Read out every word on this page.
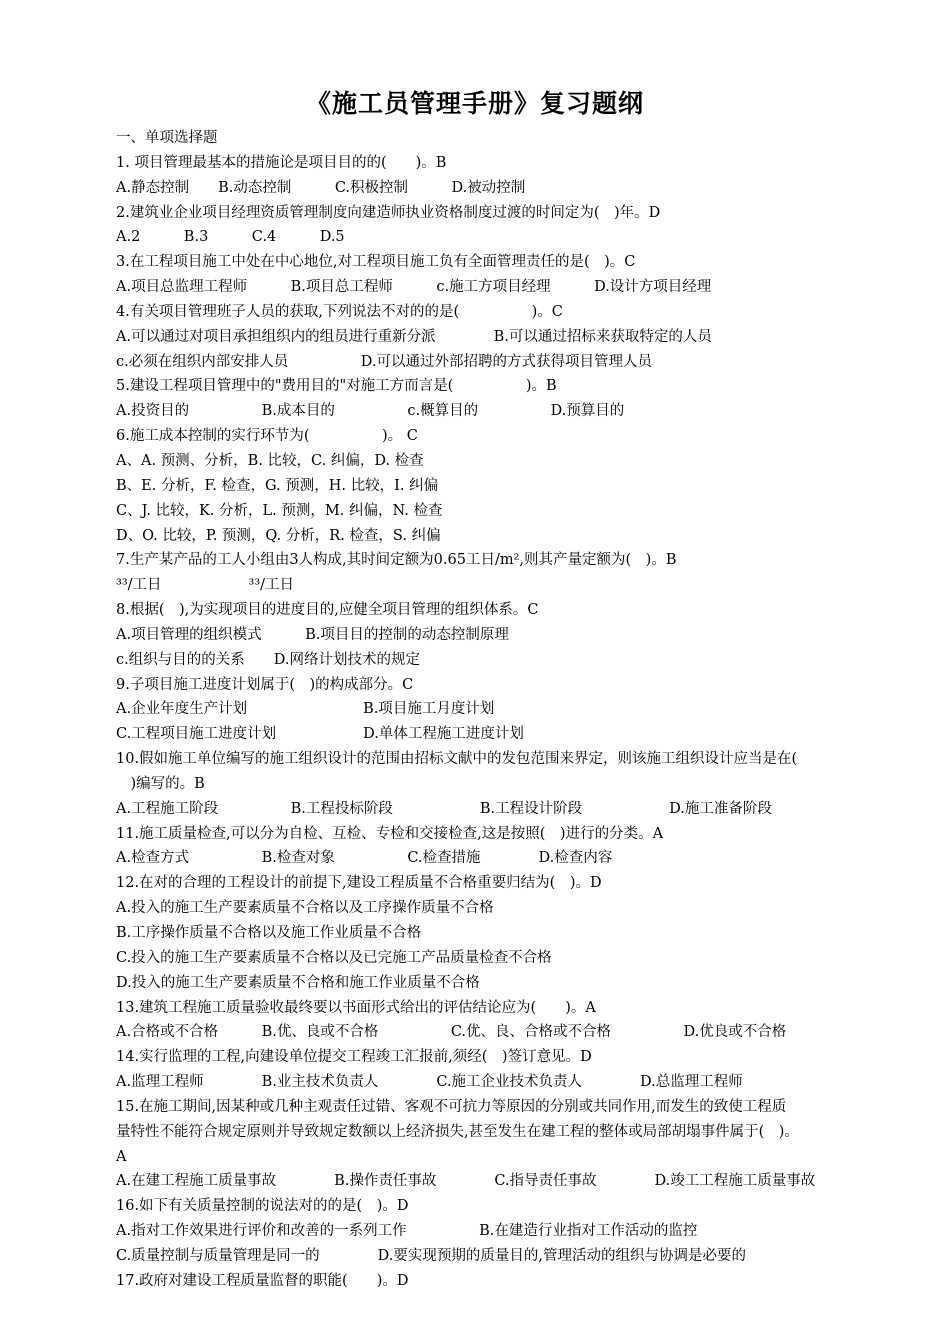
《施工员管理手册》复习题纲
一、单项选择题
1. 项目管理最基本的措施论是项目目的的(　　)。B
A.静态控制　　B.动态控制　　　C.积极控制　　　D.被动控制
2.建筑业企业项目经理资质管理制度向建造师执业资格制度过渡的时间定为(　)年。D
A.2　　　B.3　　　C.4　　　D.5
3.在工程项目施工中处在中心地位,对工程项目施工负有全面管理责任的是(　)。C
A.项目总监理工程师　　　B.项目总工程师　　　c.施工方项目经理　　　D.设计方项目经理
4.有关项目管理班子人员的获取,下列说法不对的的是(　　　　　)。C
A.可以通过对项目承担组织内的组员进行重新分派　　　　B.可以通过招标来获取特定的人员
c.必须在组织内部安排人员　　　　　D.可以通过外部招聘的方式获得项目管理人员
5.建设工程项目管理中的"费用目的"对施工方而言是(　　　　　)。B
A.投资目的　　　　　B.成本目的　　　　　c.概算目的　　　　　D.预算目的
6.施工成本控制的实行环节为(　　　　　)。 C
A、A. 预测、分析，B. 比较，C. 纠偏，D. 检查
B、E. 分析，F. 检查，G. 预测，H. 比较，I. 纠偏
C、J. 比较，K. 分析，L. 预测，M. 纠偏，N. 检查
D、O. 比较，P. 预测，Q. 分析，R. 检查，S. 纠偏
7.生产某产品的工人小组由3人构成,其时间定额为0.65工日/m²,则其产量定额为(　)。B
³³/工日　　　　　　³³/工日
8.根据(　),为实现项目的进度目的,应健全项目管理的组织体系。C
A.项目管理的组织模式　　　B.项目目的控制的动态控制原理
c.组织与目的的关系　　D.网络计划技术的规定
9.子项目施工进度计划属于(　)的构成部分。C
A.企业年度生产计划　　　　　　　　B.项目施工月度计划
C.工程项目施工进度计划　　　　　　D.单体工程施工进度计划
10.假如施工单位编写的施工组织设计的范围由招标文献中的发包范围来界定，则该施工组织设计应当是在(
　)编写的。B
A.工程施工阶段　　　　　B.工程投标阶段　　　　　　B.工程设计阶段　　　　　　D.施工准备阶段
11.施工质量检查,可以分为自检、互检、专检和交接检查,这是按照(　)进行的分类。A
A.检查方式　　　　　B.检查对象　　　　　C.检查措施　　　　D.检查内容
12.在对的合理的工程设计的前提下,建设工程质量不合格重要归结为(　)。D
A.投入的施工生产要素质量不合格以及工序操作质量不合格
B.工序操作质量不合格以及施工作业质量不合格
C.投入的施工生产要素质量不合格以及已完施工产品质量检查不合格
D.投入的施工生产要素质量不合格和施工作业质量不合格
13.建筑工程施工质量验收最终要以书面形式给出的评估结论应为(　　)。A
A.合格或不合格　　　B.优、良或不合格　　　　　C.优、良、合格或不合格　　　　　D.优良或不合格
14.实行监理的工程,向建设单位提交工程竣工汇报前,须经(　)签订意见。D
A.监理工程师　　　　B.业主技术负责人　　　　C.施工企业技术负责人　　　　D.总监理工程师
15.在施工期间,因某种或几种主观责任过错、客观不可抗力等原因的分别或共同作用,而发生的致使工程质
量特性不能符合规定原则并导致规定数额以上经济损失,甚至发生在建工程的整体或局部胡塌事件属于(　)。
A
A.在建工程施工质量事故　　　　B.操作责任事故　　　　C.指导责任事故　　　　D.竣工工程施工质量事故
16.如下有关质量控制的说法对的的是(　)。D
A.指对工作效果进行评价和改善的一系列工作　　　　　B.在建造行业指对工作活动的监控
C.质量控制与质量管理是同一的　　　　D.要实现预期的质量目的,管理活动的组织与协调是必要的
17.政府对建设工程质量监督的职能(　　)。D
